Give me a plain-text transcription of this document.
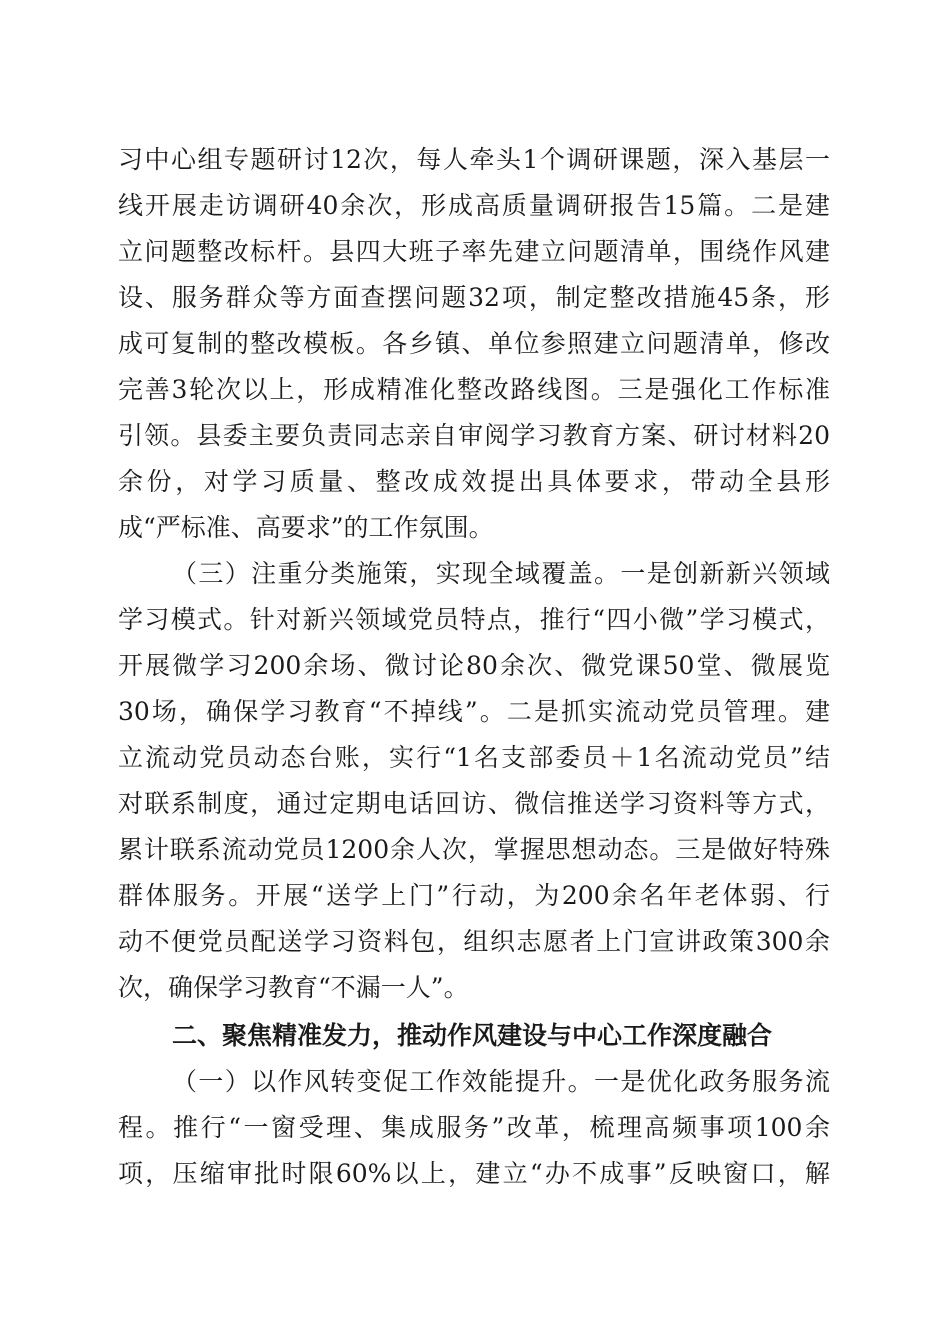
习中心组专题研讨12次，每人牵头1个调研课题，深入基层一
线开展走访调研40余次，形成高质量调研报告15篇。二是建
立问题整改标杆。县四大班子率先建立问题清单，围绕作风建
设、服务群众等方面查摆问题32项，制定整改措施45条，形
成可复制的整改模板。各乡镇、单位参照建立问题清单，修改
完善3轮次以上，形成精准化整改路线图。三是强化工作标准
引领。县委主要负责同志亲自审阅学习教育方案、研讨材料20
余份，对学习质量、整改成效提出具体要求，带动全县形
成“严标准、高要求”的工作氛围。
（三）注重分类施策，实现全域覆盖。一是创新新兴领域
学习模式。针对新兴领域党员特点，推行“四小微”学习模式，
开展微学习200余场、微讨论80余次、微党课50堂、微展览
30场，确保学习教育“不掉线”。二是抓实流动党员管理。建
立流动党员动态台账，实行“1名支部委员＋1名流动党员”结
对联系制度，通过定期电话回访、微信推送学习资料等方式，
累计联系流动党员1200余人次，掌握思想动态。三是做好特殊
群体服务。开展“送学上门”行动，为200余名年老体弱、行
动不便党员配送学习资料包，组织志愿者上门宣讲政策300余
次，确保学习教育“不漏一人”。
二、聚焦精准发力，推动作风建设与中心工作深度融合
（一）以作风转变促工作效能提升。一是优化政务服务流
程。推行“一窗受理、集成服务”改革，梳理高频事项100余
项，压缩审批时限60%以上，建立“办不成事”反映窗口，解
